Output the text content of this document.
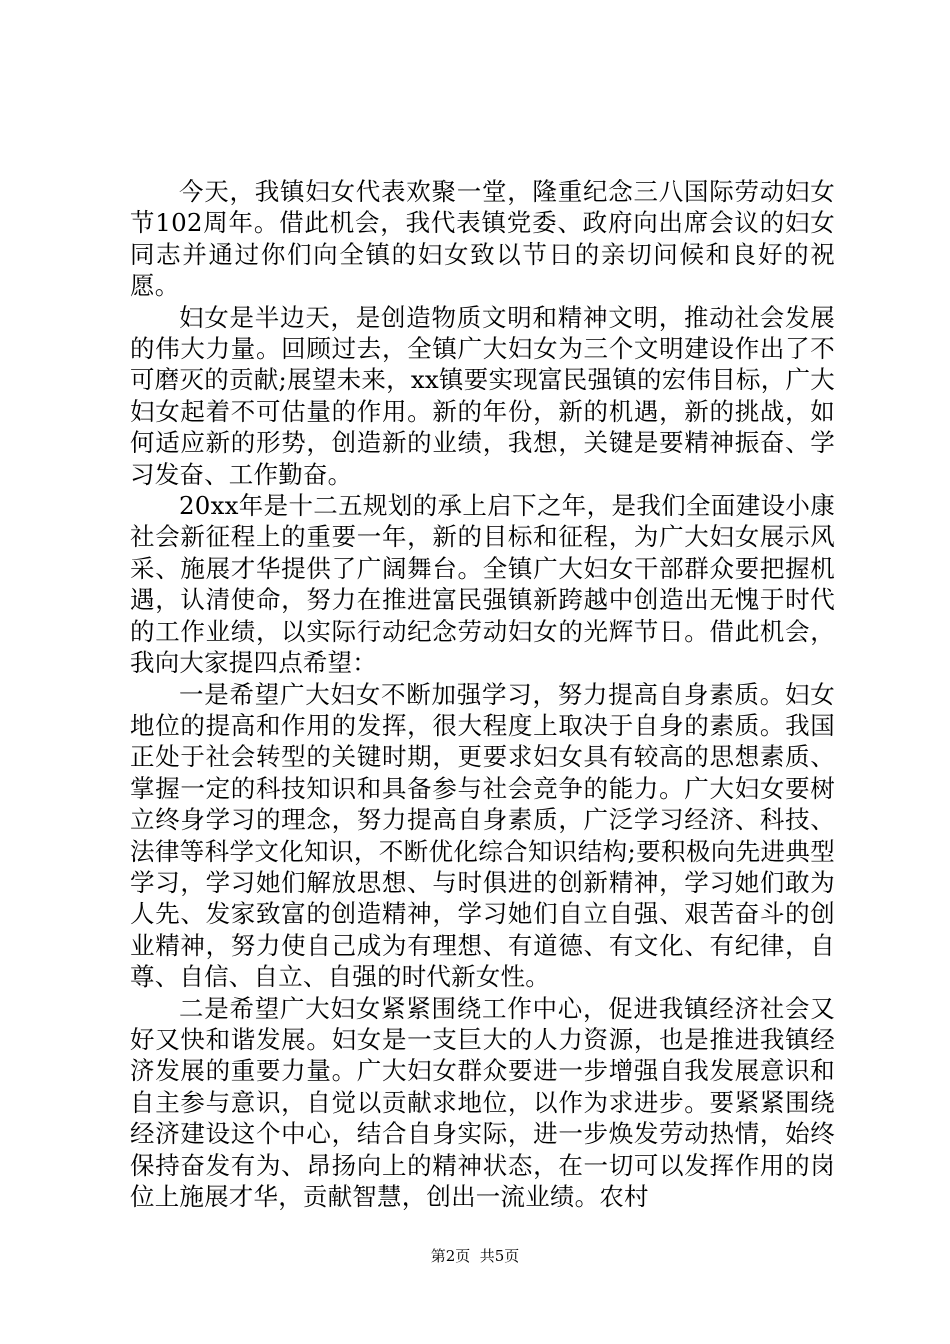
今天，我镇妇女代表欢聚一堂，隆重纪念三八国际劳动妇女节102周年。借此机会，我代表镇党委、政府向出席会议的妇女同志并通过你们向全镇的妇女致以节日的亲切问候和良好的祝愿。

妇女是半边天，是创造物质文明和精神文明，推动社会发展的伟大力量。回顾过去，全镇广大妇女为三个文明建设作出了不可磨灭的贡献;展望未来，xx镇要实现富民强镇的宏伟目标，广大妇女起着不可估量的作用。新的年份，新的机遇，新的挑战，如何适应新的形势，创造新的业绩，我想，关键是要精神振奋、学习发奋、工作勤奋。

20xx年是十二五规划的承上启下之年，是我们全面建设小康社会新征程上的重要一年，新的目标和征程，为广大妇女展示风采、施展才华提供了广阔舞台。全镇广大妇女干部群众要把握机遇，认清使命，努力在推进富民强镇新跨越中创造出无愧于时代的工作业绩，以实际行动纪念劳动妇女的光辉节日。借此机会，我向大家提四点希望：

一是希望广大妇女不断加强学习，努力提高自身素质。妇女地位的提高和作用的发挥，很大程度上取决于自身的素质。我国正处于社会转型的关键时期，更要求妇女具有较高的思想素质、掌握一定的科技知识和具备参与社会竞争的能力。广大妇女要树立终身学习的理念，努力提高自身素质，广泛学习经济、科技、法律等科学文化知识，不断优化综合知识结构;要积极向先进典型学习，学习她们解放思想、与时俱进的创新精神，学习她们敢为人先、发家致富的创造精神，学习她们自立自强、艰苦奋斗的创业精神，努力使自己成为有理想、有道德、有文化、有纪律，自尊、自信、自立、自强的时代新女性。

二是希望广大妇女紧紧围绕工作中心，促进我镇经济社会又好又快和谐发展。妇女是一支巨大的人力资源，也是推进我镇经济发展的重要力量。广大妇女群众要进一步增强自我发展意识和自主参与意识，自觉以贡献求地位，以作为求进步。要紧紧围绕经济建设这个中心，结合自身实际，进一步焕发劳动热情，始终保持奋发有为、昂扬向上的精神状态，在一切可以发挥作用的岗位上施展才华，贡献智慧，创出一流业绩。农村

第2页  共5页
